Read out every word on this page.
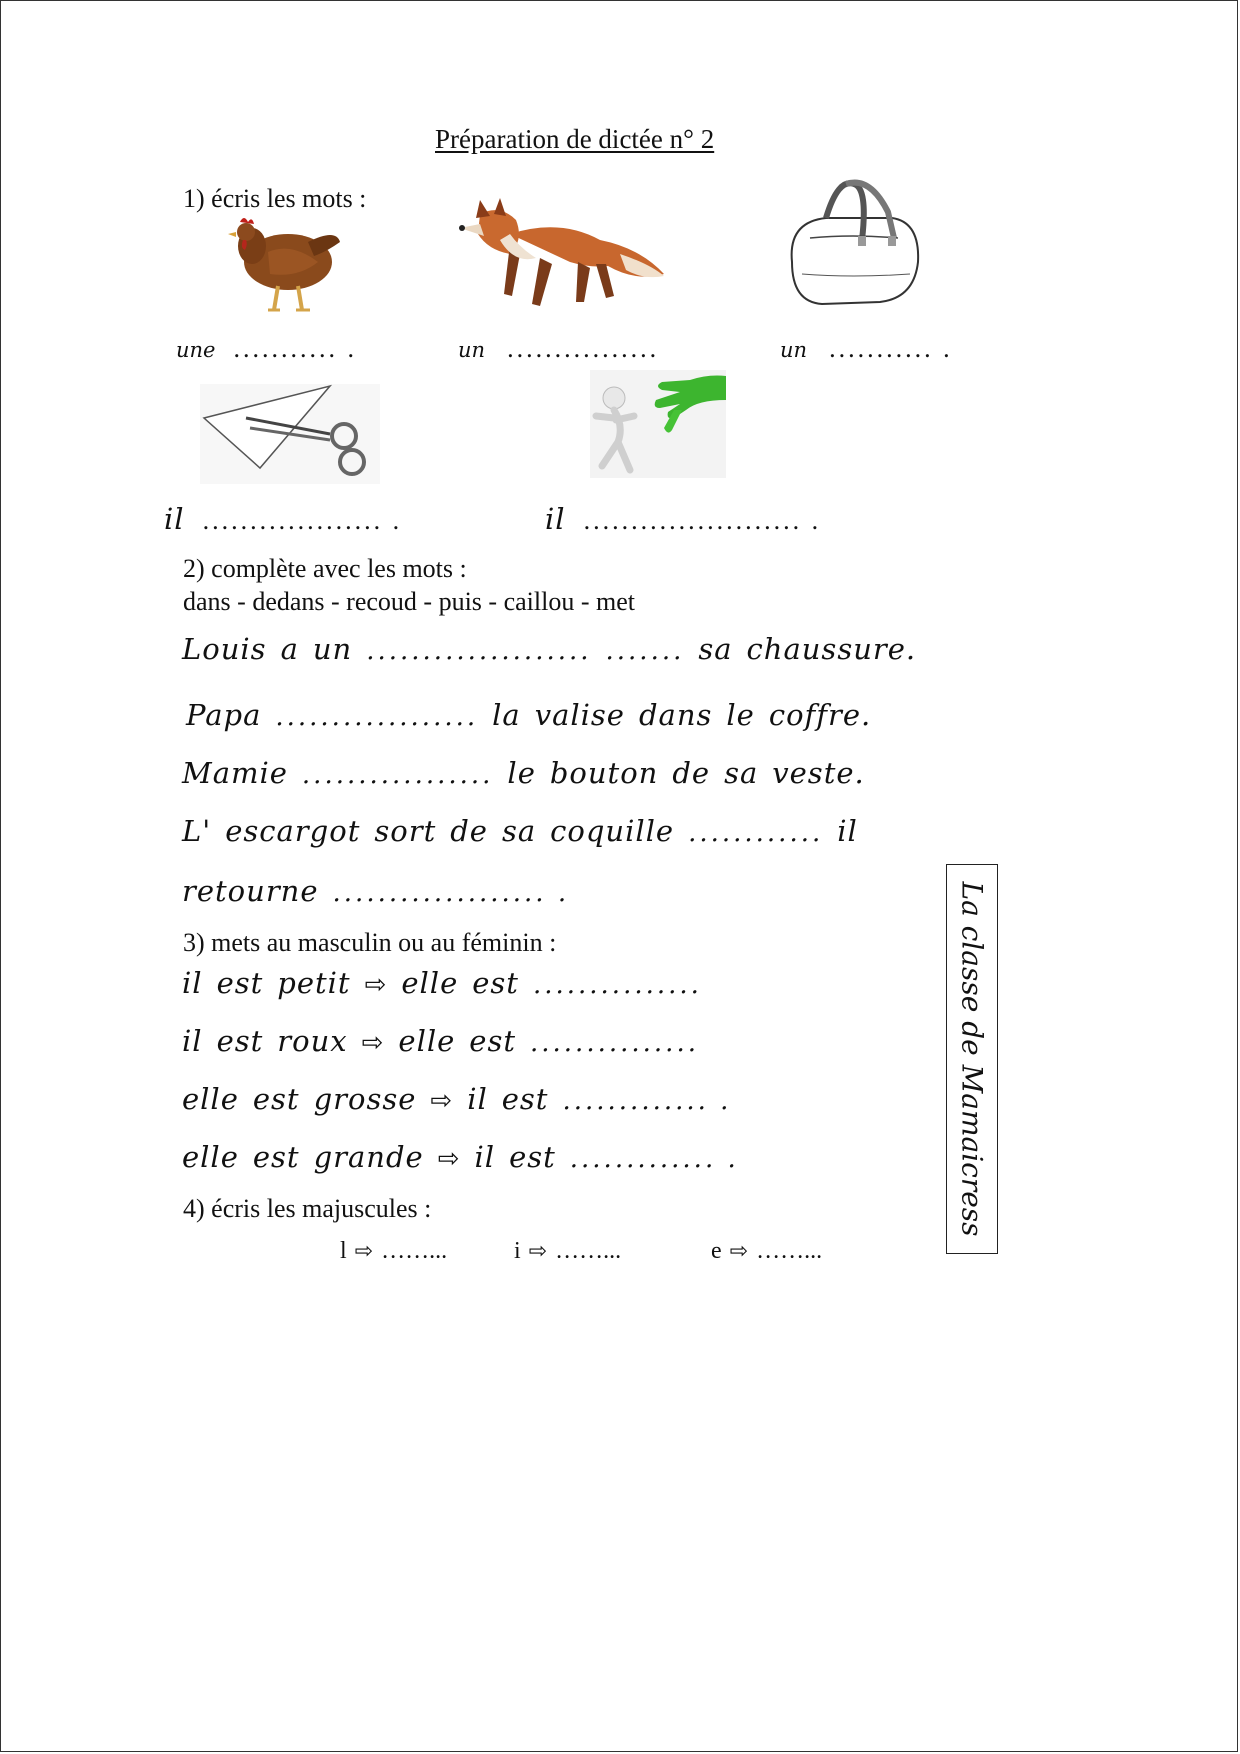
Préparation de dictée n° 2
1) écris les mots :
une ........... .	un ................	un ........... .
il ................... .	il ....................... .
2) complète avec les mots :
dans - dedans - recoud - puis - caillou - met
Louis a un .................... ....... sa chaussure.
Papa .................. la valise dans le coffre.
Mamie ................. le bouton de sa veste.
L' escargot sort de sa coquille ............ il
retourne ................... .
3) mets au masculin ou au féminin :
il est petit ⇨ elle est ...............
il est roux ⇨ elle est ...............
elle est grosse ⇨ il est ............. .
elle est grande ⇨ il est ............. .
4) écris les majuscules :
l ⇨ ……...	i ⇨ ……...	e ⇨ ……...
La classe de Mamaicress
